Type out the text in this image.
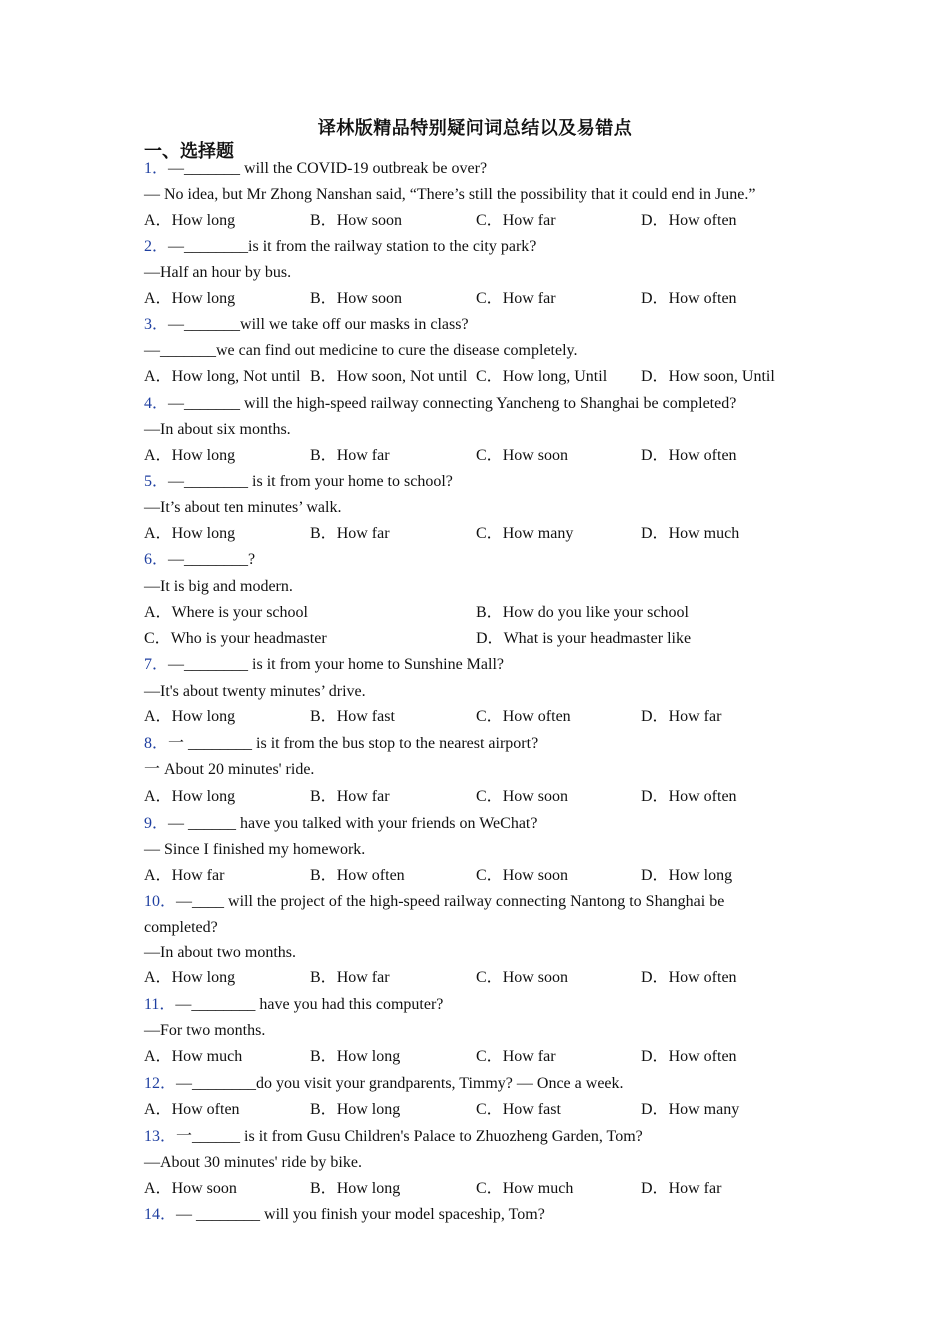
译林版精品特别疑问词总结以及易错点
一、选择题
1．—_______ will the COVID-19 outbreak be over?
— No idea, but Mr Zhong Nanshan said, “There’s still the possibility that it could end in June.”
A．How long	B．How soon	C．How far	D．How often
2．—________is it from the railway station to the city park?
—Half an hour by bus.
A．How long	B．How soon	C．How far	D．How often
3．—_______will we take off our masks in class?
—_______we can find out medicine to cure the disease completely.
A．How long, Not until B．How soon, Not until C．How long, Until D．How soon, Until
4．—_______ will the high-speed railway connecting Yancheng to Shanghai be completed?
—In about six months.
A．How long	B．How far	C．How soon	D．How often
5．—________ is it from your home to school?
—It’s about ten minutes’ walk.
A．How long	B．How far	C．How many	D．How much
6．—________?
—It is big and modern.
A．Where is your school	B．How do you like your school
C．Who is your headmaster	D．What is your headmaster like
7．—________ is it from your home to Sunshine Mall?
—It's about twenty minutes’ drive.
A．How long	B．How fast	C．How often	D．How far
8．一 ________ is it from the bus stop to the nearest airport?
一 About 20 minutes' ride.
A．How long	B．How far	C．How soon	D．How often
9．— ______ have you talked with your friends on WeChat?
— Since I finished my homework.
A．How far	B．How often	C．How soon	D．How long
10．—____ will the project of the high-speed railway connecting Nantong to Shanghai be
completed?
—In about two months.
A．How long	B．How far	C．How soon	D．How often
11．—________ have you had this computer?
—For two months.
A．How much	B．How long	C．How far	D．How often
12．—________do you visit your grandparents, Timmy? — Once a week.
A．How often	B．How long	C．How fast	D．How many
13．一______ is it from Gusu Children's Palace to Zhuozheng Garden, Tom?
—About 30 minutes' ride by bike.
A．How soon	B．How long	C．How much	D．How far
14．— ________ will you finish your model spaceship, Tom?
